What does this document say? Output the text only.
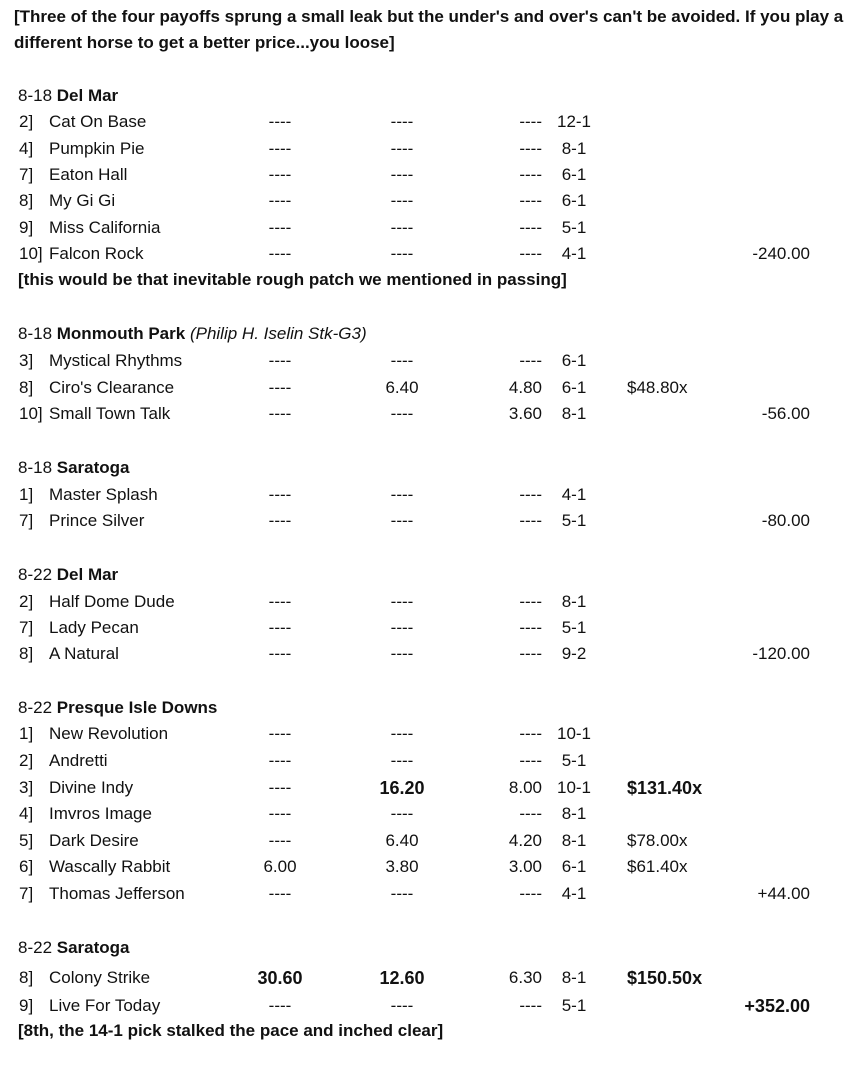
[Three of the four payoffs sprung a small leak but the under's and over's can't be avoided. If you play a different horse to get a better price...you loose]
8-18 Del Mar
2] Cat On Base	----	----	---- 12-1
4] Pumpkin Pie	----	----	----	8-1
7] Eaton Hall	----	----	----	6-1
8] My Gi Gi	----	----	----	6-1
9] Miss California	----	----	----	5-1
10] Falcon Rock	----	----	----	4-1	-240.00
8-18 Monmouth Park (Philip H. Iselin Stk-G3)
3] Mystical Rhythms	----	----	----	6-1
8] Ciro's Clearance	----	6.40	4.80	6-1	$48.80x
10] Small Town Talk	----	----	3.60	8-1	-56.00
8-18 Saratoga
1] Master Splash	----	----	----	4-1
7] Prince Silver	----	----	----	5-1	-80.00
8-22 Del Mar
2] Half Dome Dude	----	----	----	8-1
7] Lady Pecan	----	----	----	5-1
8] A Natural	----	----	----	9-2	-120.00
8-22 Presque Isle Downs
1] New Revolution	----	----	---- 10-1
2] Andretti	----	----	----	5-1
3] Divine Indy	----	16.20	8.00 10-1 $131.40x
4] Imvros Image	----	----	----	8-1
5] Dark Desire	----	6.40	4.20	8-1	$78.00x
6] Wascally Rabbit	6.00	3.80	3.00	6-1	$61.40x
7] Thomas Jefferson	----	----	----	4-1	+44.00
8-22 Saratoga
8] Colony Strike	30.60	12.60	6.30	8-1	$150.50x
9] Live For Today	----	----	----	5-1	+352.00
[this would be that inevitable rough patch we mentioned in passing]
[8th, the 14-1 pick stalked the pace and inched clear]
